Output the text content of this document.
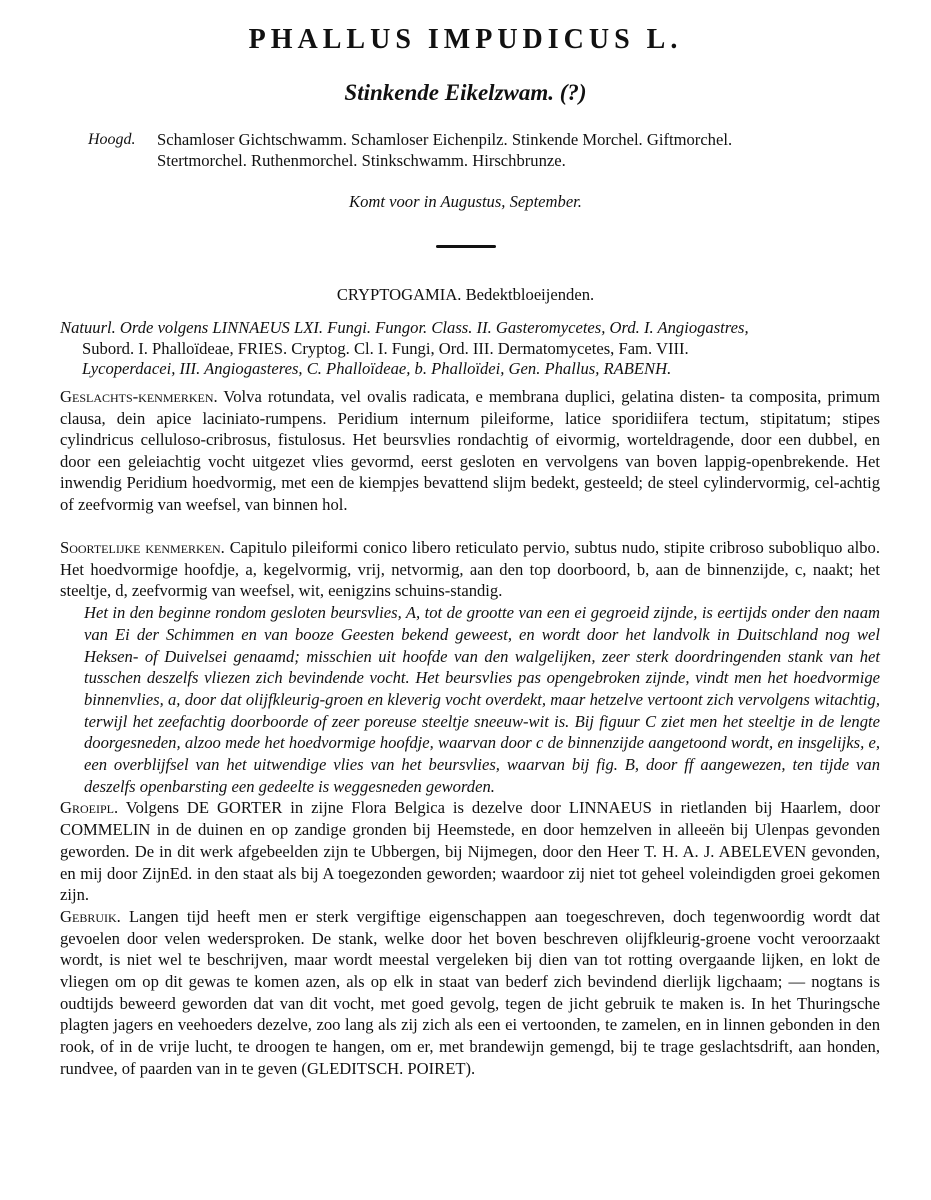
PHALLUS IMPUDICUS L.
Stinkende Eikelzwam. (?)
Hoogd. Schamloser Gichtschwamm. Schamloser Eichenpilz. Stinkende Morchel. Giftmorchel.
Stertmorchel. Ruthenmorchel. Stinkschwamm. Hirschbrunze.
Komt voor in Augustus, September.
CRYPTOGAMIA. Bedektbloeijenden.
Natuurl. Orde volgens LINNAEUS LXI. Fungi. Fungor. Class. II. Gasteromycetes, Ord. I. Angiogastres,
Subord. I. Phalloïdeae, FRIES. Cryptog. Cl. I. Fungi, Ord. III. Dermatomycetes, Fam. VIII.
Lycoperdacei, III. Angiogasteres, C. Phalloïdeae, b. Phalloïdei, Gen. Phallus, RABENH.
Geslachts-kenmerken. Volva rotundata, vel ovalis radicata, e membrana duplici, gelatina disten- ta composita, primum clausa, dein apice laciniato-rumpens. Peridium internum pileiforme, latice sporidiifera tectum, stipitatum; stipes cylindricus celluloso-cribrosus, fistulosus. Het beursvlies rondachtig of eivormig, worteldragende, door een dubbel, en door een geleiachtig vocht uitgezet vlies gevormd, eerst gesloten en vervolgens van boven lappig-openbrekende. Het inwendig Peridium hoedvormig, met een de kiempjes bevattend slijm bedekt, gesteeld; de steel cylindervormig, cel-achtig of zeefvormig van weefsel, van binnen hol.

Soortelijke kenmerken. Capitulo pileiformi conico libero reticulato pervio, subtus nudo, stipite cribroso subobliquo albo. Het hoedvormige hoofdje, a, kegelvormig, vrij, netvormig, aan den top doorboord, b, aan de binnenzijde, c, naakt; het steeltje, d, zeefvormig van weefsel, wit, eenigzins schuins-standig.

Het in den beginne rondom gesloten beursvlies, A, tot de grootte van een ei gegroeid zijnde, is eertijds onder den naam van Ei der Schimmen en van booze Geesten bekend geweest, en wordt door het landvolk in Duitschland nog wel Heksen- of Duivelsei genaamd; misschien uit hoofde van den walgelijken, zeer sterk doordringenden stank van het tusschen deszelfs vliezen zich bevindende vocht. Het beursvlies pas opengebroken zijnde, vindt men het hoedvormige binnenvlies, a, door dat olijfkleurig-groen en kleverig vocht overdekt, maar hetzelve vertoont zich vervolgens witachtig, terwijl het zeefachtig doorboorde of zeer poreuse steeltje sneeuw-wit is. Bij figuur C ziet men het steeltje in de lengte doorgesneden, alzoo mede het hoedvormige hoofdje, waarvan door c de binnenzijde aangetoond wordt, en insgelijks, e, een overblijfsel van het uitwendige vlies van het beursvlies, waarvan bij fig. B, door ff aangewezen, ten tijde van deszelfs openbarsting een gedeelte is weggesneden geworden.

Groeipl. Volgens DE GORTER in zijne Flora Belgica is dezelve door LINNAEUS in rietlanden bij Haarlem, door COMMELIN in de duinen en op zandige gronden bij Heemstede, en door hemzelven in alleeën bij Ulenpas gevonden geworden. De in dit werk afgebeelden zijn te Ubbergen, bij Nijmegen, door den Heer T. H. A. J. ABELEVEN gevonden, en mij door ZijnEd. in den staat als bij A toegezonden geworden; waardoor zij niet tot geheel voleindigden groei gekomen zijn.

Gebruik. Langen tijd heeft men er sterk vergiftige eigenschappen aan toegeschreven, doch tegenwoordig wordt dat gevoelen door velen wedersproken. De stank, welke door het boven beschreven olijfkleurig-groene vocht veroorzaakt wordt, is niet wel te beschrijven, maar wordt meestal vergeleken bij dien van tot rotting overgaande lijken, en lokt de vliegen om op dit gewas te komen azen, als op elk in staat van bederf zich bevindend dierlijk ligchaam; — nogtans is oudtijds beweerd geworden dat van dit vocht, met goed gevolg, tegen de jicht gebruik te maken is. In het Thuringsche plagten jagers en veehoeders dezelve, zoo lang als zij zich als een ei vertoonden, te zamelen, en in linnen gebonden in den rook, of in de vrije lucht, te droogen te hangen, om er, met brandewijn gemengd, bij te trage geslachtsdrift, aan honden, rundvee, of paarden van in te geven (GLEDITSCH. POIRET).
